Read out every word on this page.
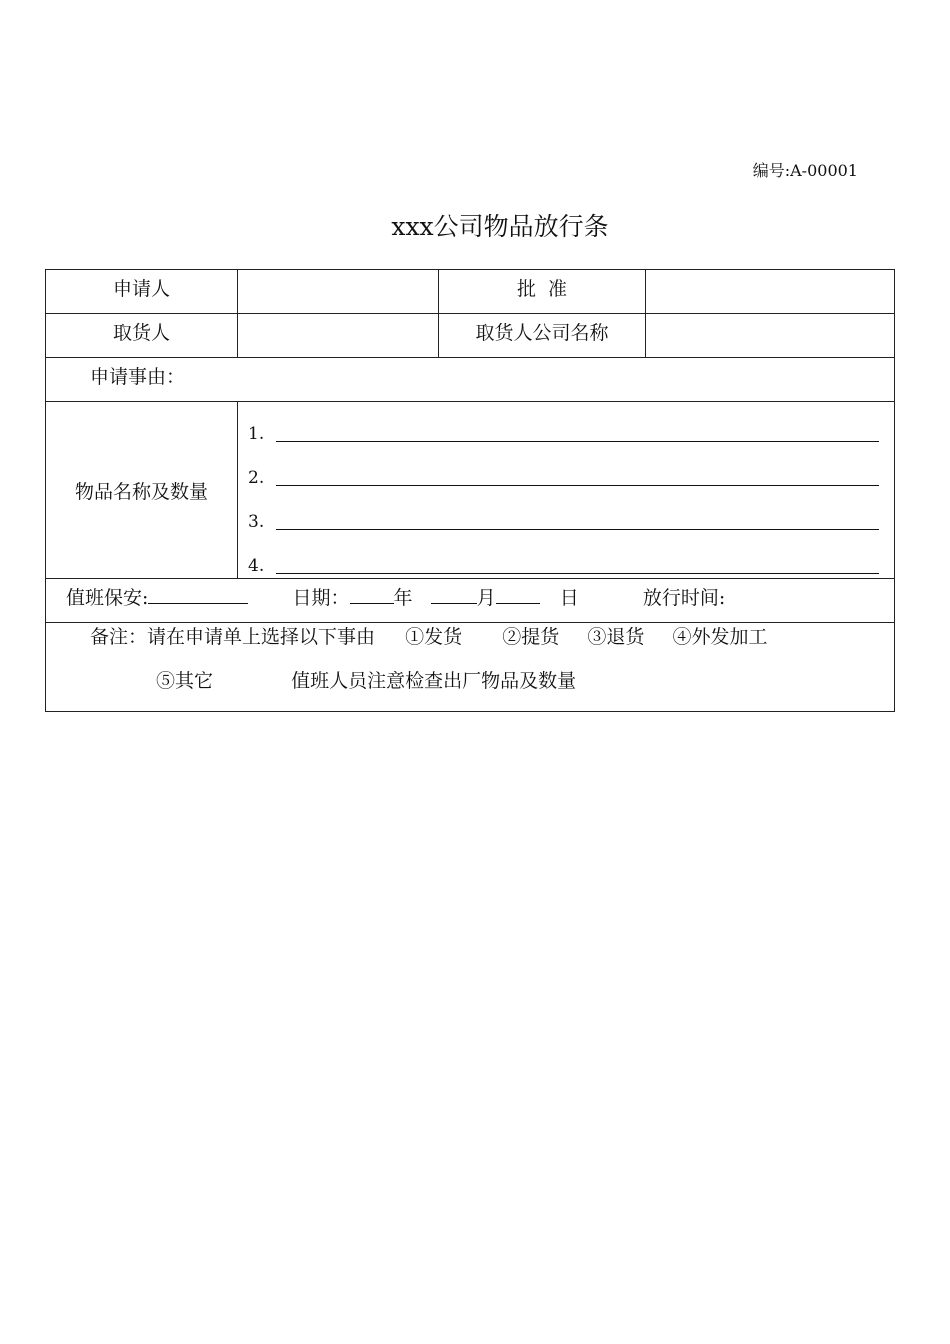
编号:A-00001
xxx公司物品放行条
申请人		批  准	
取货人		取货人公司名称	
申请事由：			
物品名称及数量	1.
2.
3.
4.		

值班保安: 日期： 年 月 日 放行时间:			

备注：请在申请单上选择以下事由 ①发货 ②提货 ③退货 ④外发加工
⑤其它 值班人员注意检查出厂物品及数量			
